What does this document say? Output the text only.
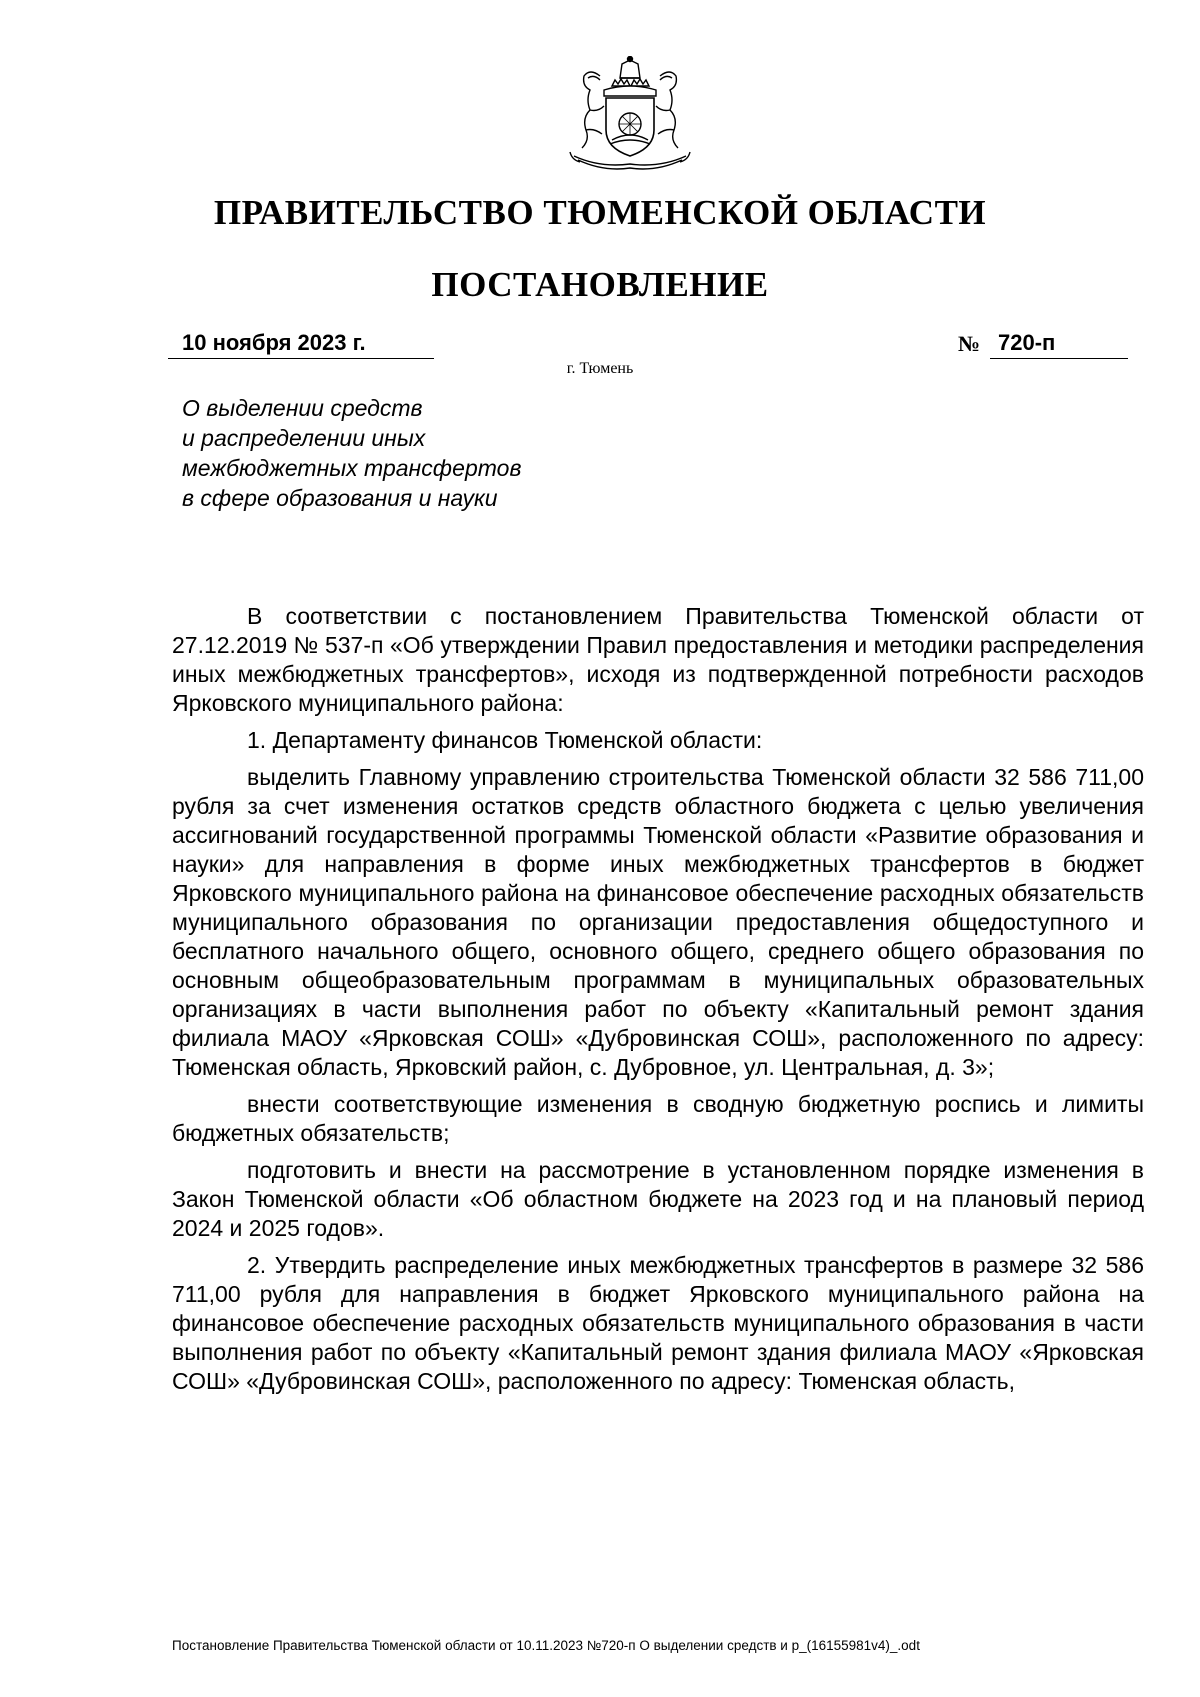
ПРАВИТЕЛЬСТВО ТЮМЕНСКОЙ ОБЛАСТИ
ПОСТАНОВЛЕНИЕ
10 ноября 2023 г.	№ 720-п
г. Тюмень
О выделении средств
и распределении иных
межбюджетных трансфертов
в сфере образования и науки

В соответствии с постановлением Правительства Тюменской области от 27.12.2019 № 537-п «Об утверждении Правил предоставления и методики распределения иных межбюджетных трансфертов», исходя из подтвержденной потребности расходов Ярковского муниципального района:

1. Департаменту финансов Тюменской области:

выделить Главному управлению строительства Тюменской области 32 586 711,00 рубля за счет изменения остатков средств областного бюджета с целью увеличения ассигнований государственной программы Тюменской области «Развитие образования и науки» для направления в форме иных межбюджетных трансфертов в бюджет Ярковского муниципального района на финансовое обеспечение расходных обязательств муниципального образования по организации предоставления общедоступного и бесплатного начального общего, основного общего, среднего общего образования по основным общеобразовательным программам в муниципальных образовательных организациях в части выполнения работ по объекту «Капитальный ремонт здания филиала МАОУ «Ярковская СОШ» «Дубровинская СОШ», расположенного по адресу: Тюменская область, Ярковский район, с. Дубровное, ул. Центральная, д. 3»;

внести соответствующие изменения в сводную бюджетную роспись и лимиты бюджетных обязательств;

подготовить и внести на рассмотрение в установленном порядке изменения в Закон Тюменской области «Об областном бюджете на 2023 год и на плановый период 2024 и 2025 годов».

2. Утвердить распределение иных межбюджетных трансфертов в размере 32 586 711,00 рубля для направления в бюджет Ярковского муниципального района на финансовое обеспечение расходных обязательств муниципального образования в части выполнения работ по объекту «Капитальный ремонт здания филиала МАОУ «Ярковская СОШ» «Дубровинская СОШ», расположенного по адресу: Тюменская область,

Постановление Правительства Тюменской области от 10.11.2023 №720-п О выделении средств и р_(16155981v4)_.odt
